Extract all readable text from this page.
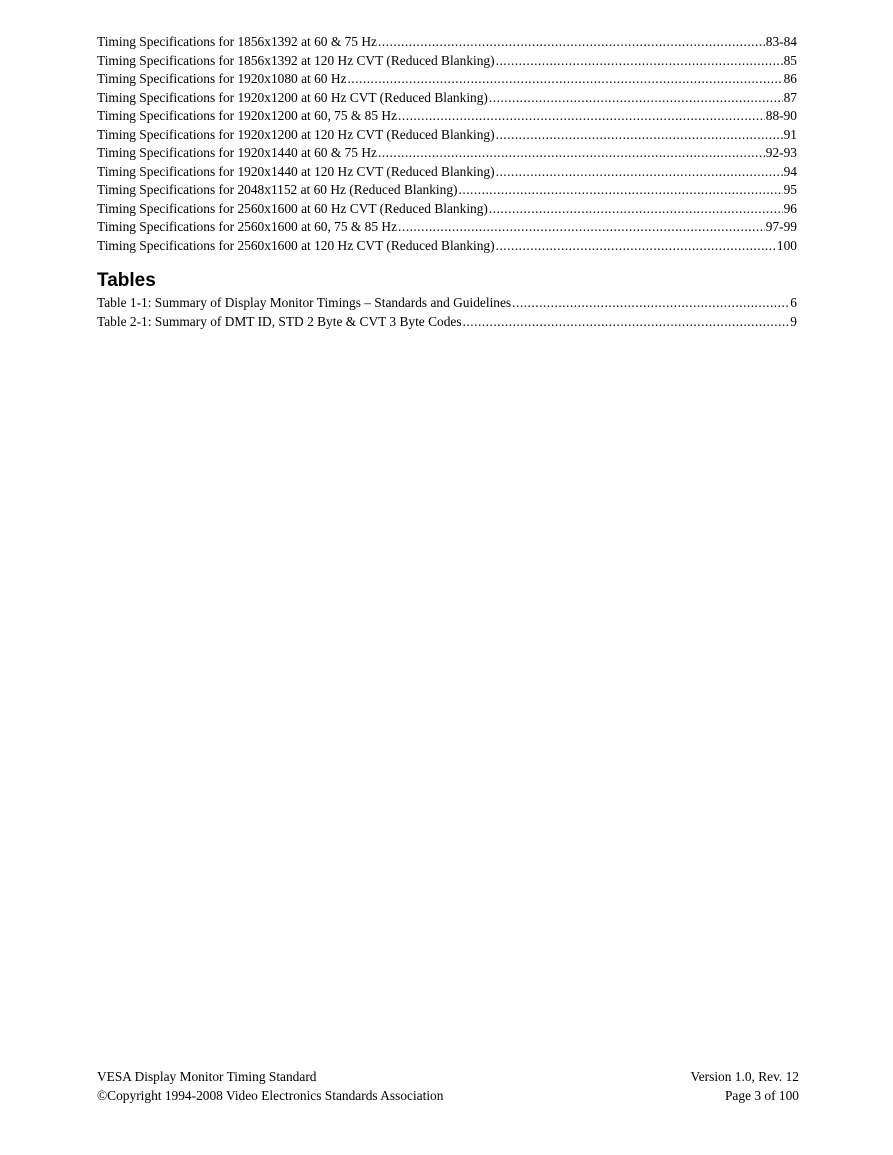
Timing Specifications for 1856x1392 at 60 & 75 Hz .....	83-84
Timing Specifications for 1856x1392 at 120 Hz CVT (Reduced Blanking) .....	85
Timing Specifications for 1920x1080 at 60 Hz .....	86
Timing Specifications for 1920x1200 at 60 Hz CVT (Reduced Blanking) .....	87
Timing Specifications for 1920x1200 at 60, 75 & 85 Hz .....	88-90
Timing Specifications for 1920x1200 at 120 Hz CVT (Reduced Blanking) .....	91
Timing Specifications for 1920x1440 at 60 & 75 Hz .....	92-93
Timing Specifications for 1920x1440 at 120 Hz CVT (Reduced Blanking) .....	94
Timing Specifications for 2048x1152 at 60 Hz (Reduced Blanking) .....	95
Timing Specifications for 2560x1600 at 60 Hz CVT (Reduced Blanking) .....	96
Timing Specifications for 2560x1600 at 60, 75 & 85 Hz .....	97-99
Timing Specifications for 2560x1600 at 120 Hz CVT (Reduced Blanking) .....	100
Tables
Table 1-1: Summary of Display Monitor Timings – Standards and Guidelines .....	6
Table 2-1: Summary of DMT ID, STD 2 Byte & CVT 3 Byte Codes .....	9
VESA Display Monitor Timing Standard
©Copyright 1994-2008 Video Electronics Standards Association
Version 1.0, Rev. 12
Page 3 of 100
